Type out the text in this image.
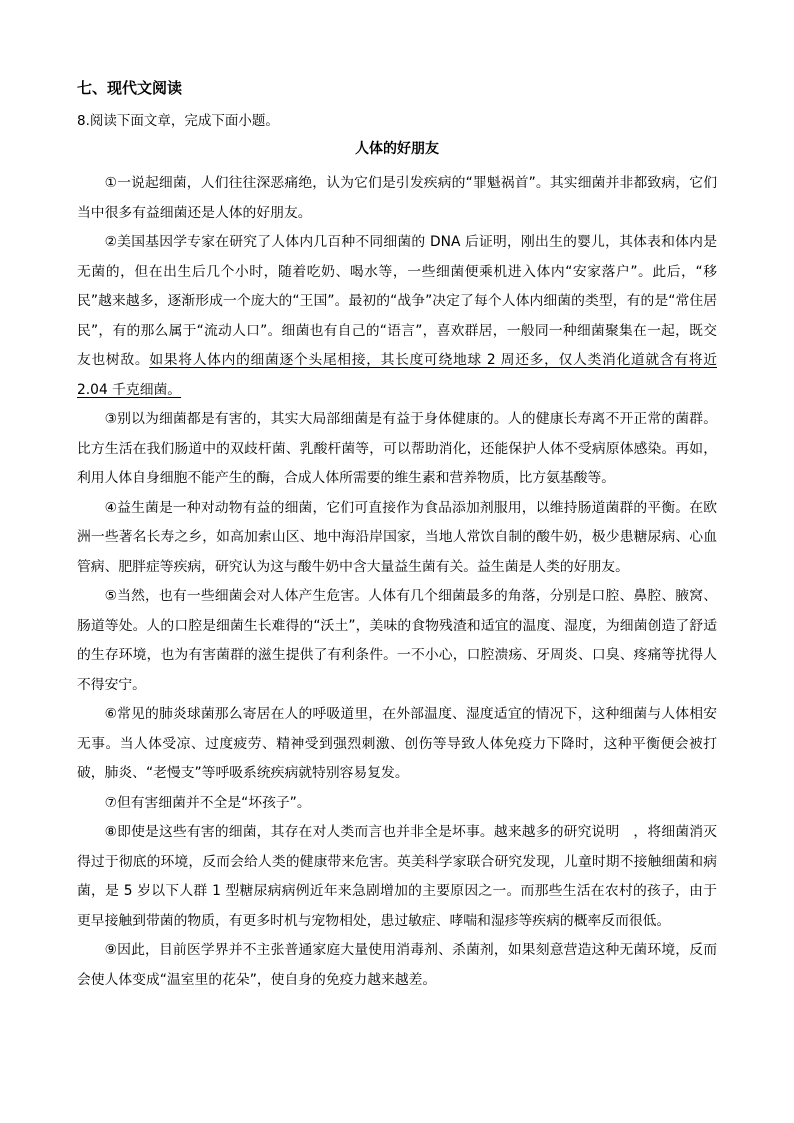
七、现代文阅读

8.阅读下面文章，完成下面小题。

人体的好朋友

①一说起细菌，人们往往深恶痛绝，认为它们是引发疾病的“罪魁祸首”。其实细菌并非都致病，它们当中很多有益细菌还是人体的好朋友。

②美国基因学专家在研究了人体内几百种不同细菌的 DNA 后证明，刚出生的婴儿，其体表和体内是无菌的，但在出生后几个小时，随着吃奶、喝水等，一些细菌便乘机进入体内“安家落户”。此后，“移民”越来越多，逐渐形成一个庞大的“王国”。最初的“战争”决定了每个人体内细菌的类型，有的是“常住居民”，有的那么属于“流动人口”。细菌也有自己的“语言”，喜欢群居，一般同一种细菌聚集在一起，既交友也树敌。如果将人体内的细菌逐个头尾相接，其长度可绕地球 2 周还多，仅人类消化道就含有将近 2.04 千克细菌。

③别以为细菌都是有害的，其实大局部细菌是有益于身体健康的。人的健康长寿离不开正常的菌群。比方生活在我们肠道中的双歧杆菌、乳酸杆菌等，可以帮助消化，还能保护人体不受病原体感染。再如，利用人体自身细胞不能产生的酶，合成人体所需要的维生素和营养物质，比方氨基酸等。

④益生菌是一种对动物有益的细菌，它们可直接作为食品添加剂服用，以维持肠道菌群的平衡。在欧洲一些著名长寿之乡，如高加索山区、地中海沿岸国家，当地人常饮自制的酸牛奶，极少患糖尿病、心血管病、肥胖症等疾病，研究认为这与酸牛奶中含大量益生菌有关。益生菌是人类的好朋友。

⑤当然，也有一些细菌会对人体产生危害。人体有几个细菌最多的角落，分别是口腔、鼻腔、腋窝、肠道等处。人的口腔是细菌生长难得的“沃土”，美味的食物残渣和适宜的温度、湿度，为细菌创造了舒适的生存环境，也为有害菌群的滋生提供了有利条件。一不小心，口腔溃疡、牙周炎、口臭、疼痛等扰得人不得安宁。

⑥常见的肺炎球菌那么寄居在人的呼吸道里，在外部温度、湿度适宜的情况下，这种细菌与人体相安无事。当人体受凉、过度疲劳、精神受到强烈刺激、创伤等导致人体免疫力下降时，这种平衡便会被打破，肺炎、“老慢支”等呼吸系统疾病就特别容易复发。

⑦但有害细菌并不全是“坏孩子”。

⑧即使是这些有害的细菌，其存在对人类而言也并非全是坏事。越来越多的研究说明　，将细菌消灭得过于彻底的环境，反而会给人类的健康带来危害。英美科学家联合研究发现，儿童时期不接触细菌和病菌，是 5 岁以下人群 1 型糖尿病病例近年来急剧增加的主要原因之一。而那些生活在农村的孩子，由于更早接触到带菌的物质，有更多时机与宠物相处，患过敏症、哮喘和湿疹等疾病的概率反而很低。

⑨因此，目前医学界并不主张普通家庭大量使用消毒剂、杀菌剂，如果刻意营造这种无菌环境，反而会使人体变成“温室里的花朵”，使自身的免疫力越来越差。
